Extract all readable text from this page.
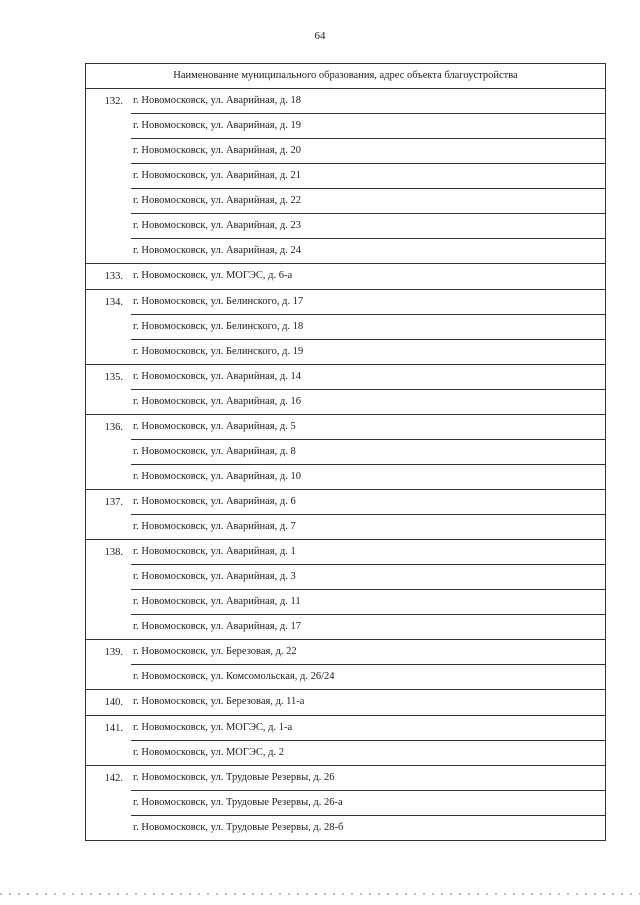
64
Наименование муниципального образования, адрес объекта благоустройства
132. г. Новомосковск, ул. Аварийная, д. 18
г. Новомосковск, ул. Аварийная, д. 19
г. Новомосковск, ул. Аварийная, д. 20
г. Новомосковск, ул. Аварийная, д. 21
г. Новомосковск, ул. Аварийная, д. 22
г. Новомосковск, ул. Аварийная, д. 23
г. Новомосковск, ул. Аварийная, д. 24
133. г. Новомосковск, ул. МОГЭС, д. 6-а
134. г. Новомосковск, ул. Белинского, д. 17
г. Новомосковск, ул. Белинского, д. 18
г. Новомосковск, ул. Белинского, д. 19
135. г. Новомосковск, ул. Аварийная, д. 14
г. Новомосковск, ул. Аварийная, д. 16
136. г. Новомосковск, ул. Аварийная, д. 5
г. Новомосковск, ул. Аварийная, д. 8
г. Новомосковск, ул. Аварийная, д. 10
137. г. Новомосковск, ул. Аварийная, д. 6
г. Новомосковск, ул. Аварийная, д. 7
138. г. Новомосковск, ул. Аварийная, д. 1
г. Новомосковск, ул. Аварийная, д. 3
г. Новомосковск, ул. Аварийная, д. 11
г. Новомосковск, ул. Аварийная, д. 17
139. г. Новомосковск, ул. Березовая, д. 22
г. Новомосковск, ул. Комсомольская, д. 26/24
140. г. Новомосковск, ул. Березовая, д. 11-а
141. г. Новомосковск, ул. МОГЭС, д. 1-а
г. Новомосковск, ул. МОГЭС, д. 2
142. г. Новомосковск, ул. Трудовые Резервы, д. 26
г. Новомосковск, ул. Трудовые Резервы, д. 26-а
г. Новомосковск, ул. Трудовые Резервы, д. 28-б
